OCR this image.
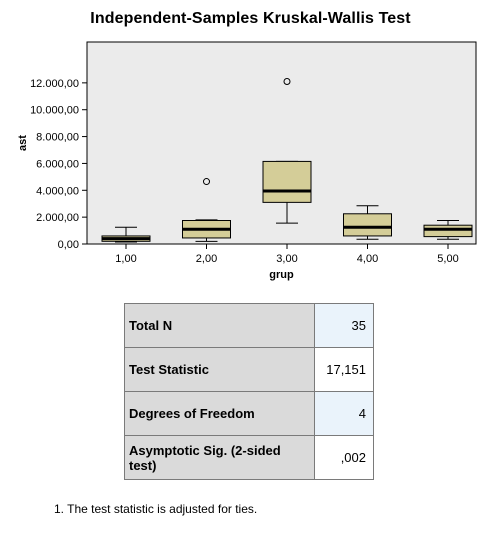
Independent-Samples Kruskal-Wallis Test
0,00
2.000,00
4.000,00
6.000,00
8.000,00
10.000,00
12.000,00
ast
1,00	2,00	3,00	4,00	5,00
grup
Total N	35
Test Statistic	17,151
Degrees of Freedom	4
Asymptotic Sig. (2-sided test)	,002
1. The test statistic is adjusted for ties.
